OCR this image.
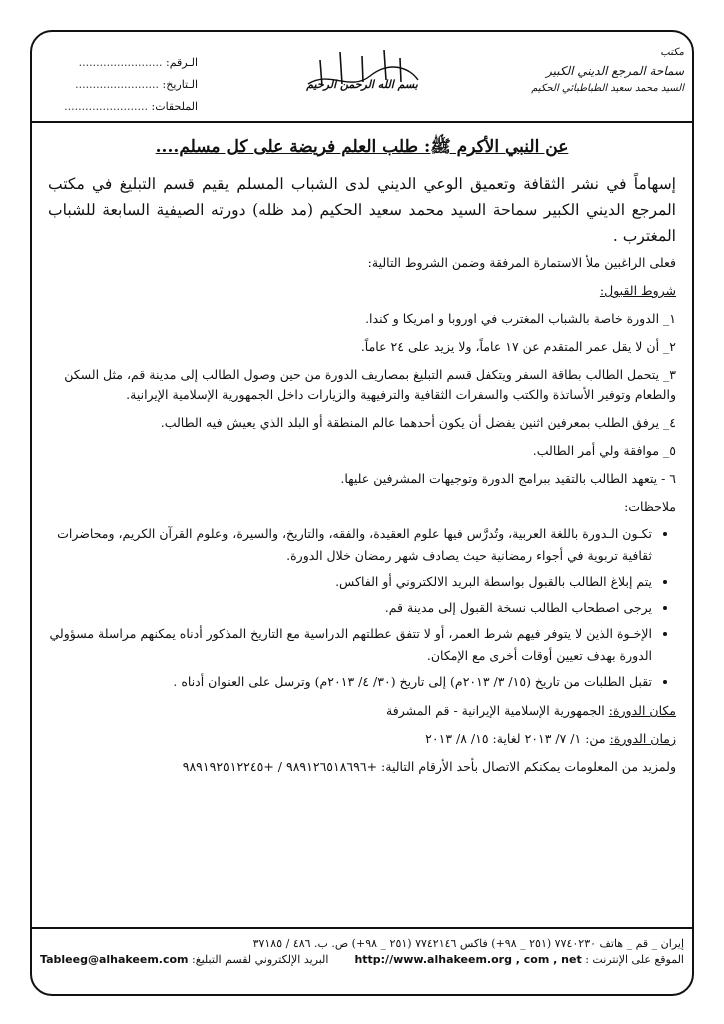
مكتب
سماحة المرجع الديني الكبير
السيد محمد سعيد الطباطبائي الحكيم
بسم الله الرحمن الرحيم
الـرقم: ........................
الـتاريخ: ........................
الملحقات: ........................
عن النبي الأكرم ﷺ: طلب العلم فريضة على كل مسلم....

إسهاماً في نشر الثقافة وتعميق الوعي الديني لدى الشباب المسلم يقيم قسم التبليغ في مكتب المرجع الديني الكبير سماحة السيد محمد سعيد الحكيم (مد ظله) دورته الصيفية السابعة للشباب المغترب .

فعلى الراغبين ملأ الاستمارة المرفقة وضمن الشروط التالية:

شروط القبول:
١_ الدورة خاصة بالشباب المغترب في اوروبا و امريكا و كندا.
٢_ أن لا يقل عمر المتقدم عن ١٧ عاماً، ولا يزيد على ٢٤ عاماً.
٣_ يتحمل الطالب بطاقة السفر ويتكفل قسم التبليغ بمصاريف الدورة من حين وصول الطالب إلى مدينة قم، مثل السكن والطعام وتوفير الأساتذة والكتب والسفرات الثقافية والترفيهية والزيارات داخل الجمهورية الإسلامية الإيرانية.
٤_ يرفق الطلب بمعرفين اثنين يفضل أن يكون أحدهما عالم المنطقة أو البلد الذي يعيش فيه الطالب.
٥_ موافقة ولي أمر الطالب.
٦ - يتعهد الطالب بالتقيد ببرامج الدورة وتوجيهات المشرفين عليها.
ملاحظات:
• تكـون الـدورة باللغة العربية، وتُدرَّس فيها علوم العقيدة، والفقه، والتاريخ، والسيرة، وعلوم القرآن الكريم، ومحاضرات ثقافية تربوية في أجواء رمضانية حيث يصادف شهر رمضان خلال الدورة.
• يتم إبلاغ الطالب بالقبول بواسطة البريد الالكتروني أو الفاكس.
• يرجى اصطحاب الطالب نسخة القبول إلى مدينة قم.
• الإخـوة الذين لا يتوفر فيهم شرط العمر، أو لا تتفق عطلتهم الدراسية مع التاريخ المذكور أدناه يمكنهم مراسلة مسؤولي الدورة بهدف تعيين أوقات أخرى مع الإمكان.
• تقبل الطلبات من تاريخ (١٥/ ٣/ ٢٠١٣م) إلى تاريخ (٣٠/ ٤/ ٢٠١٣م) وترسل على العنوان أدناه .
مكان الدورة: الجمهورية الإسلامية الإيرانية - قم المشرفة
زمان الدورة: من: ١/ ٧/ ٢٠١٣ لغاية: ١٥/ ٨/ ٢٠١٣
ولمزيد من المعلومات يمكنكم الاتصال بأحد الأرقام التالية: +٩٨٩١٢٦٥١٨٦٩٦ / +٩٨٩١٩٢٥١٢٢٤٥
إيران _ قم _ هاتف ٧٧٤٠٢٣٠ (٢٥١ _ ٩٨+) فاكس ٧٧٤٢١٤٦ (٢٥١ _ ٩٨+) ص. ب. ٤٨٦ / ٣٧١٨٥
الموقع على الإنترنت : http://www.alhakeem.org , com , net
البريد الإلكتروني لقسم التبليغ: Tableeg@alhakeem.com
